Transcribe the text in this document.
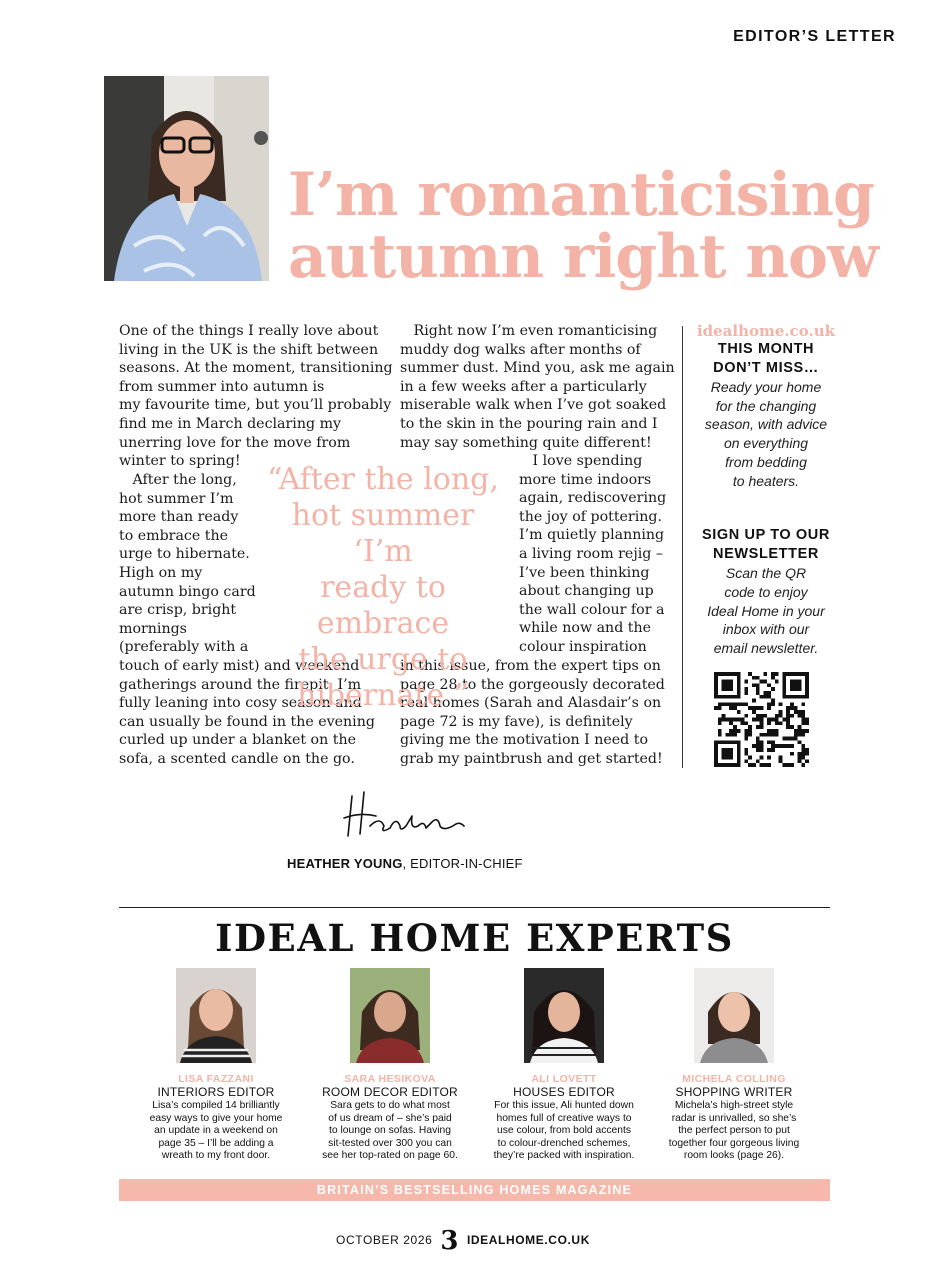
EDITOR’S LETTER
I’m romanticising
autumn right now
One of the things I really love about
living in the UK is the shift between
seasons. At the moment, transitioning
from summer into autumn is
my favourite time, but you’ll probably
find me in March declaring my
unerring love for the move from
winter to spring!
After the long,
hot summer I’m
more than ready
to embrace the
urge to hibernate.
High on my
autumn bingo card
are crisp, bright
mornings
(preferably with a
touch of early mist) and weekend
gatherings around the firepit. I’m
fully leaning into cosy season and
can usually be found in the evening
curled up under a blanket on the
sofa, a scented candle on the go.
Right now I’m even romanticising
muddy dog walks after months of
summer dust. Mind you, ask me again
in a few weeks after a particularly
miserable walk when I’ve got soaked
to the skin in the pouring rain and I
may say something quite different!
I love spending
more time indoors
again, rediscovering
the joy of pottering.
I’m quietly planning
a living room rejig –
I’ve been thinking
about changing up
the wall colour for a
while now and the
colour inspiration
in this issue, from the expert tips on
page 28 to the gorgeously decorated
real homes (Sarah and Alasdair’s on
page 72 is my fave), is definitely
giving me the motivation I need to
grab my paintbrush and get started!
“After the long,
hot summer ‘I’m
ready to embrace
the urge to
hibernate ”
idealhome.co.uk
THIS MONTH
DON’T MISS…
Ready your home
for the changing
season, with advice
on everything
from bedding
to heaters.
SIGN UP TO OUR
NEWSLETTER
Scan the QR
code to enjoy
Ideal Home in your
inbox with our
email newsletter.
HEATHER YOUNG, EDITOR-IN-CHIEF
IDEAL HOME EXPERTS
LISA FAZZANI
INTERIORS EDITOR
Lisa’s compiled 14 brilliantly
easy ways to give your home
an update in a weekend on
page 35 – I’ll be adding a
wreath to my front door.
SARA HESIKOVA
ROOM DECOR EDITOR
Sara gets to do what most
of us dream of – she’s paid
to lounge on sofas. Having
sit-tested over 300 you can
see her top-rated on page 60.
ALI LOVETT
HOUSES EDITOR
For this issue, Ali hunted down
homes full of creative ways to
use colour, from bold accents
to colour-drenched schemes,
they’re packed with inspiration.
MICHELA COLLING
SHOPPING WRITER
Michela’s high-street style
radar is unrivalled, so she’s
the perfect person to put
together four gorgeous living
room looks (page 26).
BRITAIN’S BESTSELLING HOMES MAGAZINE
OCTOBER 2026 3 IDEALHOME.CO.UK
